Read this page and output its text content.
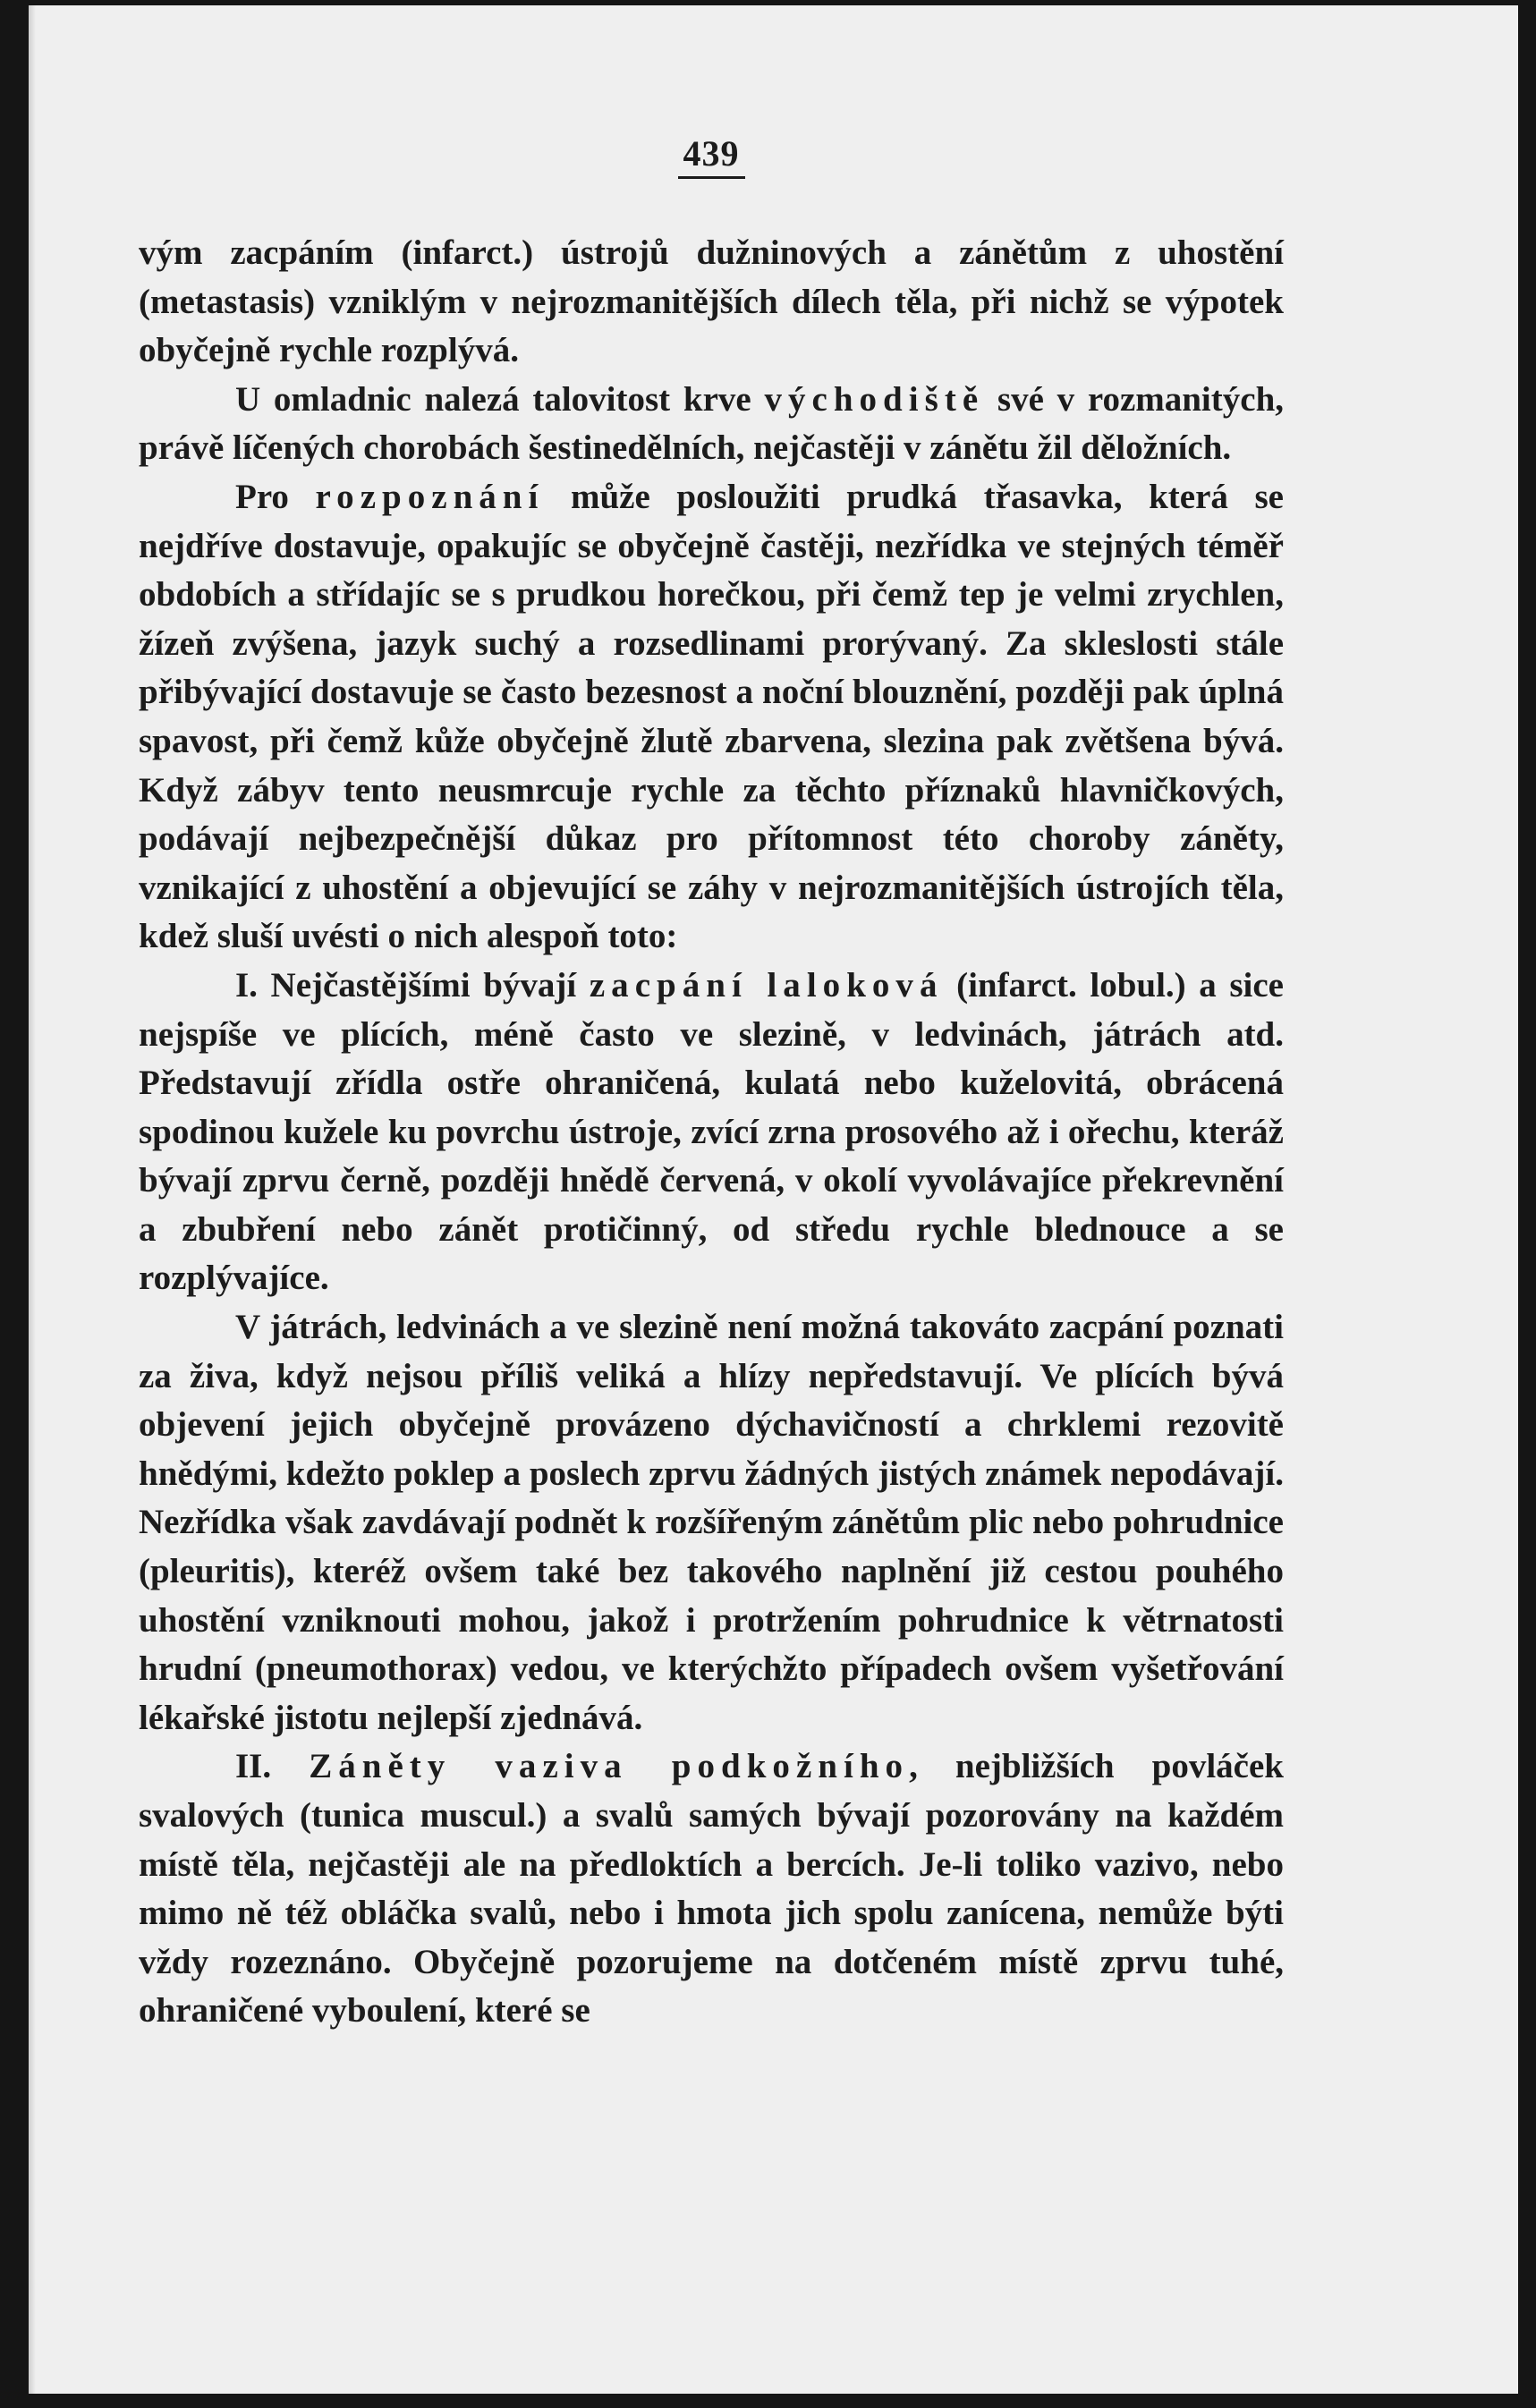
439

vým zacpáním (infarct.) ústrojů dužninových a zánětům z uhostění (metastasis) vzniklým v nejrozmanitějších dílech těla, při nichž se výpotek obyčejně rychle rozplývá.

U omladnic nalezá talovitost krve východiště své v rozmanitých, právě líčených chorobách šestinedělních, nejčastěji v zánětu žil děložních.

Pro rozpoznání může posloužiti prudká třasavka, která se nejdříve dostavuje, opakujíc se obyčejně častěji, nezřídka ve stejných téměř obdobích a střídajíc se s prudkou horečkou, při čemž tep je velmi zrychlen, žízeň zvýšena, jazyk suchý a rozsedlinami prorývaný. Za skleslosti stále přibývající dostavuje se často bezesnost a noční blouznění, později pak úplná spavost, při čemž kůže obyčejně žlutě zbarvena, slezina pak zvětšena bývá. Když zábyv tento neusmrcuje rychle za těchto příznaků hlavničkových, podávají nejbezpečnější důkaz pro přítomnost této choroby záněty, vznikající z uhostění a objevující se záhy v nejrozmanitějších ústrojích těla, kdež sluší uvésti o nich alespoň toto:

I. Nejčastějšími bývají zacpání laloková (infarct. lobul.) a sice nejspíše ve plících, méně často ve slezině, v ledvinách, játrách atd. Představují zřídla ostře ohraničená, kulatá nebo kuželovitá, obrácená spodinou kužele ku povrchu ústroje, zvící zrna prosového až i ořechu, kteráž bývají zprvu černě, později hnědě červená, v okolí vyvolávajíce překrevnění a zbubření nebo zánět protičinný, od středu rychle blednouce a se rozplývajíce.

V játrách, ledvinách a ve slezině není možná takováto zacpání poznati za živa, když nejsou příliš veliká a hlízy nepředstavují. Ve plících bývá objevení jejich obyčejně provázeno dýchavičností a chrklemi rezovitě hnědými, kdežto poklep a poslech zprvu žádných jistých známek nepodávají. Nezřídka však zavdávají podnět k rozšířeným zánětům plic nebo pohrudnice (pleuritis), kteréž ovšem také bez takového naplnění již cestou pouhého uhostění vzniknouti mohou, jakož i protržením pohrudnice k větrnatosti hrudní (pneumothorax) vedou, ve kterýchžto případech ovšem vyšetřování lékařské jistotu nejlepší zjednává.

II. Záněty vaziva podkožního, nejbližších povláček svalových (tunica muscul.) a svalů samých bývají pozorovány na každém místě těla, nejčastěji ale na předloktích a bercích. Je-li toliko vazivo, nebo mimo ně též obláčka svalů, nebo i hmota jich spolu zanícena, nemůže býti vždy rozeznáno. Obyčejně pozorujeme na dotčeném místě zprvu tuhé, ohraničené vyboulení, které se
